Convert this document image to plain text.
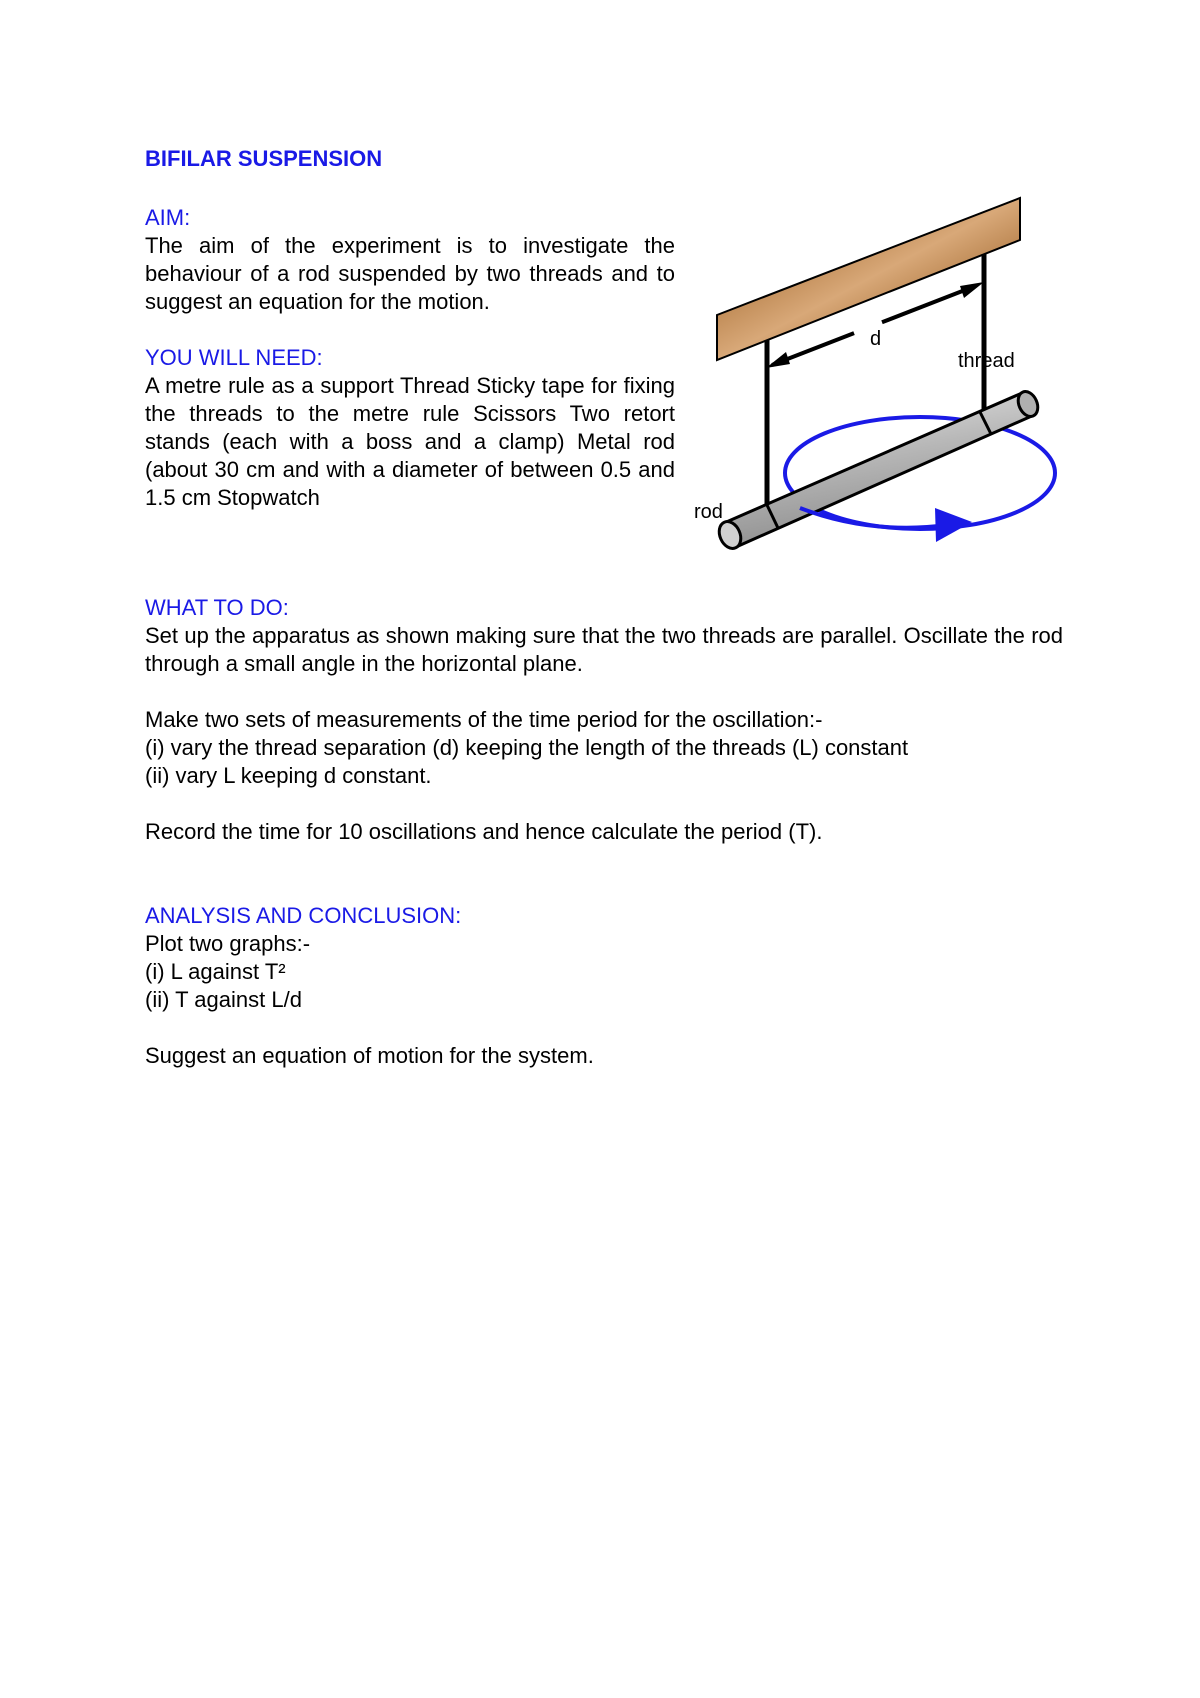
BIFILAR SUSPENSION

AIM:

The aim of the experiment is to investigate the behaviour of a rod suspended by two threads and to suggest an equation for the motion.

YOU WILL NEED:

A metre rule as a support Thread Sticky tape for fixing the threads to the metre rule Scissors Two retort stands (each with a boss and a clamp) Metal rod (about 30 cm and with a diameter of between 0.5 and 1.5 cm Stopwatch

d
thread
rod

WHAT TO DO:

Set up the apparatus as shown making sure that the two threads are parallel. Oscillate the rod through a small angle in the horizontal plane.

Make two sets of measurements of the time period for the oscillation:-

(i) vary the thread separation (d) keeping the length of the threads (L) constant

(ii) vary L keeping d constant.

Record the time for 10 oscillations and hence calculate the period (T).

ANALYSIS AND CONCLUSION:

Plot two graphs:-

(i) L against T²

(ii) T against L/d

Suggest an equation of motion for the system.
